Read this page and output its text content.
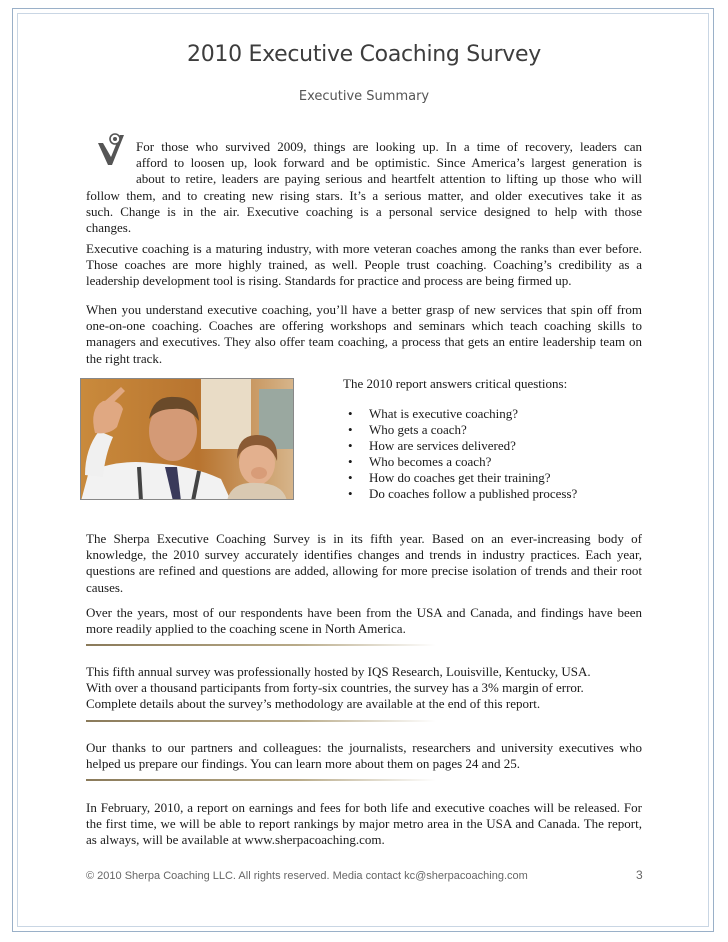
2010 Executive Coaching Survey
Executive Summary
For those who survived 2009, things are looking up. In a time of recovery, leaders can
afford to loosen up, look forward and be optimistic. Since America’s largest generation is
about to retire, leaders are paying serious and heartfelt attention to lifting up those who will
follow them, and to creating new rising stars. It’s a serious matter, and older executives take it as
such. Change is in the air. Executive coaching is a personal service designed to help with those
changes.

Executive coaching is a maturing industry, with more veteran coaches among the ranks than ever before. Those coaches are more highly trained, as well. People trust coaching. Coaching’s credibility as a leadership development tool is rising. Standards for practice and process are being firmed up.

When you understand executive coaching, you’ll have a better grasp of new services that spin off from one-on-one coaching. Coaches are offering workshops and seminars which teach coaching skills to managers and executives. They also offer team coaching, a process that gets an entire leadership team on the right track.

The 2010 report answers critical questions:
• What is executive coaching?
• Who gets a coach?
• How are services delivered?
• Who becomes a coach?
• How do coaches get their training?
• Do coaches follow a published process?

The Sherpa Executive Coaching Survey is in its fifth year. Based on an ever-increasing body of knowledge, the 2010 survey accurately identifies changes and trends in industry practices. Each year, questions are refined and questions are added, allowing for more precise isolation of trends and their root causes.

Over the years, most of our respondents have been from the USA and Canada, and findings have been more readily applied to the coaching scene in North America.

This fifth annual survey was professionally hosted by IQS Research, Louisville, Kentucky, USA.
With over a thousand participants from forty-six countries, the survey has a 3% margin of error.
Complete details about the survey’s methodology are available at the end of this report.

Our thanks to our partners and colleagues: the journalists, researchers and university executives who helped us prepare our findings. You can learn more about them on pages 24 and 25.

In February, 2010, a report on earnings and fees for both life and executive coaches will be released. For the first time, we will be able to report rankings by major metro area in the USA and Canada. The report, as always, will be available at www.sherpacoaching.com.

© 2010 Sherpa Coaching LLC. All rights reserved. Media contact kc@sherpacoaching.com	3
